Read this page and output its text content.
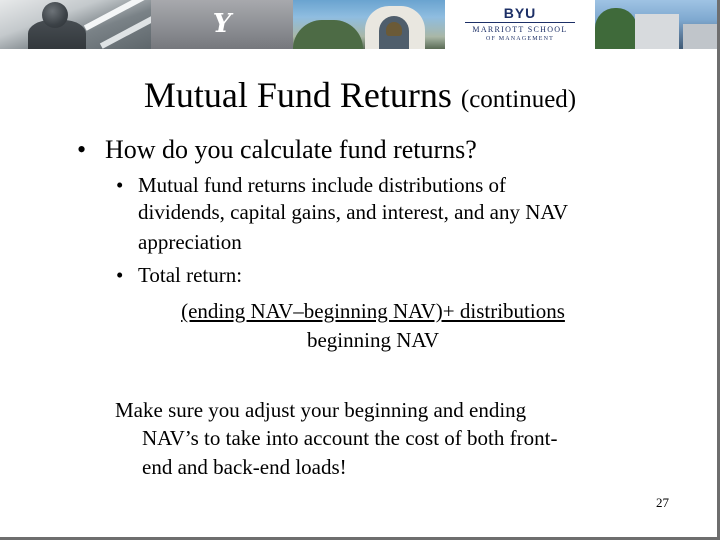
Y	BYU
MARRIOTT SCHOOL
OF MANAGEMENT
Mutual Fund Returns (continued)
• How do you calculate fund returns?
• Mutual fund returns include distributions of
dividends, capital gains, and interest, and any NAV
appreciation
• Total return:
(ending NAV–beginning NAV)+ distributions
beginning NAV
Make sure you adjust your beginning and ending
NAV’s to take into account the cost of both front-
end and back-end loads!
27
